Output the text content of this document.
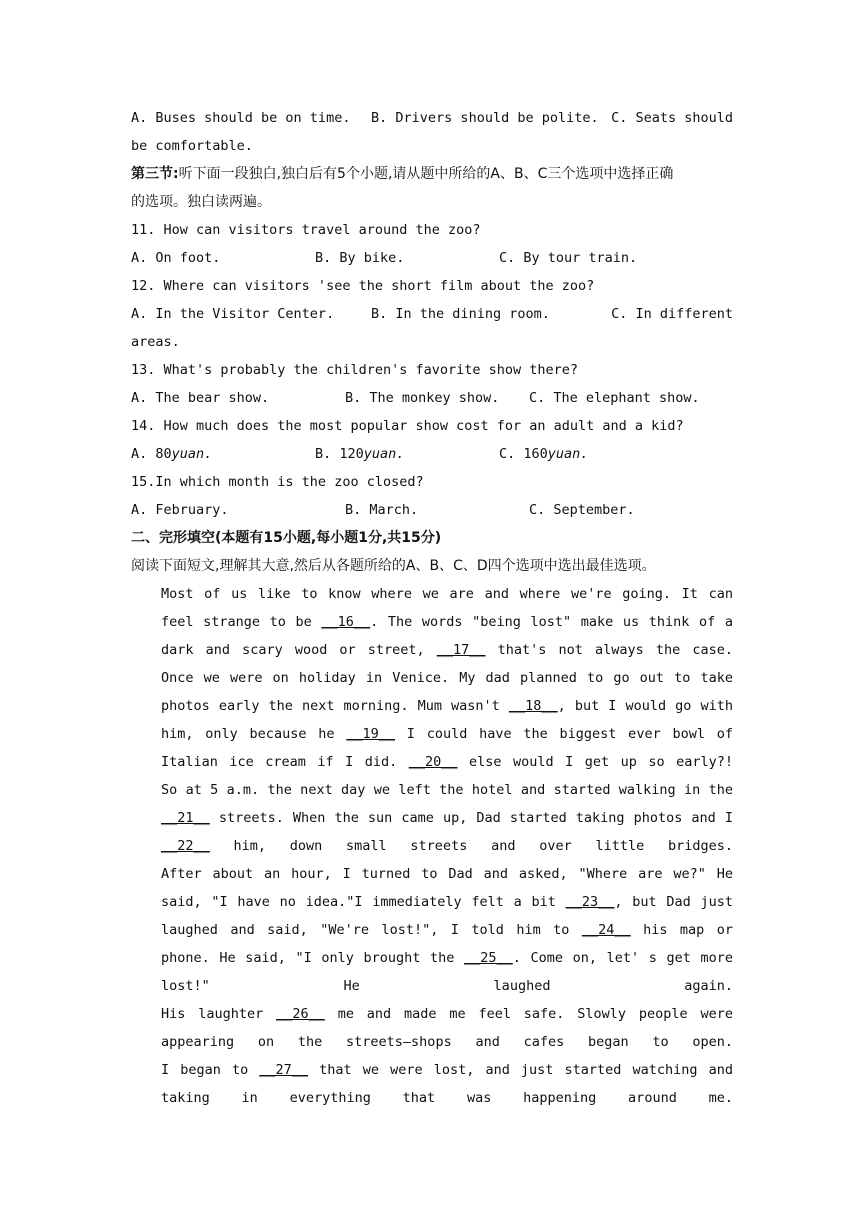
A. Buses should be on time.	B. Drivers should be polite. C. Seats should
be comfortable.
第三节:听下面一段独白,独白后有5个小题,请从题中所给的A、B、C三个选项中选择正确
的选项。独白读两遍。
11. How can visitors travel around the zoo?
A. On foot.	B. By bike.	C. By tour train.
12. Where can visitors 'see the short film about the zoo?
A. In the Visitor Center.	B. In the dining room.	C. In different
areas.
13. What's probably the children's favorite show there?
A. The bear show.	B. The monkey show.	C. The elephant show.
14. How much does the most popular show cost for an adult and a kid?
A. 80yuan.	B. 120yuan.	C. 160yuan.
15.In which month is the zoo closed?
A. February.	B. March.	C. September.
二、完形填空(本题有15小题,每小题1分,共15分)
阅读下面短文,理解其大意,然后从各题所给的A、B、C、D四个选项中选出最佳选项。
Most of us like to know where we are and where we're going. It can feel strange to be __16__. The words "being lost" make us think of a dark and scary wood or street, __17__ that's not always the case.
Once we were on holiday in Venice. My dad planned to go out to take photos early the next morning. Mum wasn't __18__, but I would go with him, only because he __19__ I could have the biggest ever bowl of Italian ice cream if I did. __20__ else would I get up so early?!
So at 5 a.m. the next day we left the hotel and started walking in the __21__ streets. When the sun came up, Dad started taking photos and I __22__ him, down small streets and over little bridges.
After about an hour, I turned to Dad and asked, "Where are we?" He said, "I have no idea."I immediately felt a bit __23__, but Dad just laughed and said, "We're lost!", I told him to __24__ his map or phone. He said, "I only brought the __25__. Come on, let' s get more lost!" He laughed again.
His laughter __26__ me and made me feel safe. Slowly people were appearing on the streets—shops and cafes began to open.
I began to __27__ that we were lost, and just started watching and taking in everything that was happening around me.
